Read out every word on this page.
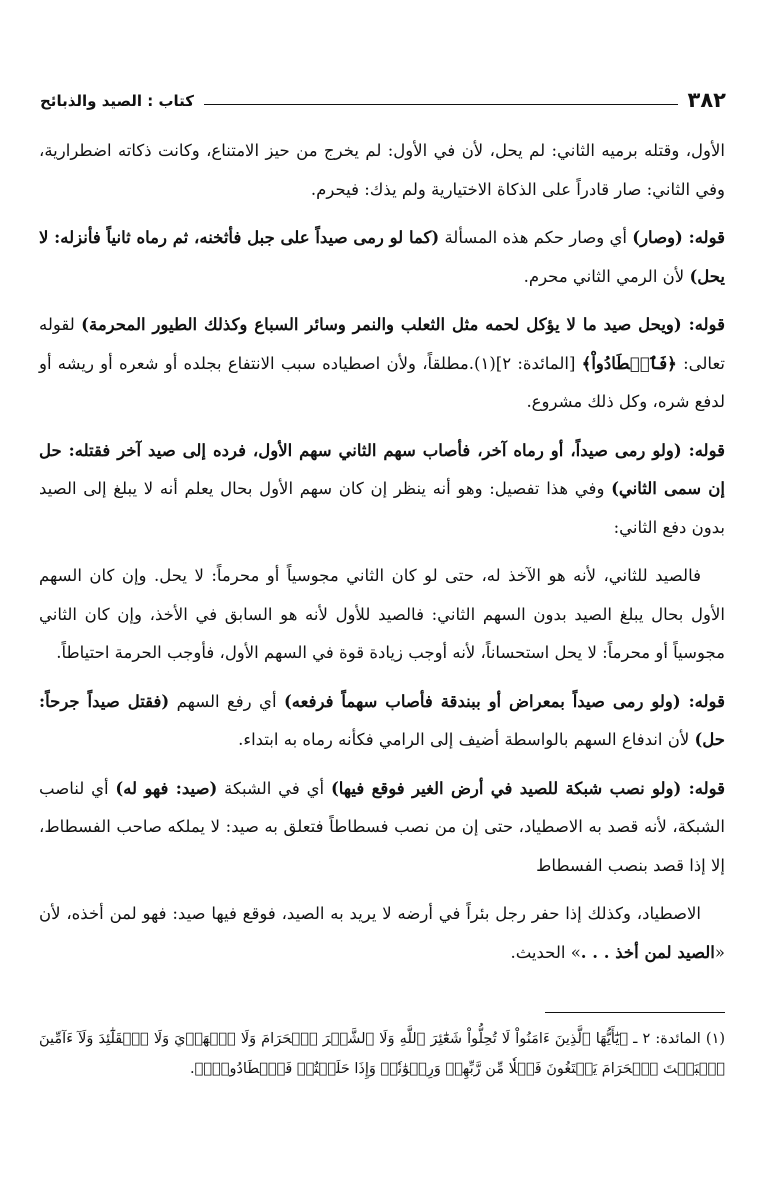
كتاب : الصيد والذبائح	٣٨٢

الأول، وقتله برميه الثاني: لم يحل، لأن في الأول: لم يخرج من حيز الامتناع، وكانت ذكاته اضطرارية، وفي الثاني: صار قادراً على الذكاة الاختيارية ولم يذك: فيحرم.

قوله: (وصار) أي وصار حكم هذه المسألة (كما لو رمى صيداً على جبل فأثخنه، ثم رماه ثانياً فأنزله: لا يحل) لأن الرمي الثاني محرم.

قوله: (ويحل صيد ما لا يؤكل لحمه مثل الثعلب والنمر وسائر السباع وكذلك الطيور المحرمة) لقوله تعالى: ﴿فَٱصۡطَادُواْ﴾ [المائدة: ٢](١).مطلقاً، ولأن اصطياده سبب الانتفاع بجلده أو شعره أو ريشه أو لدفع شره، وكل ذلك مشروع.

قوله: (ولو رمى صيداً، أو رماه آخر، فأصاب سهم الثاني سهم الأول، فرده إلى صيد آخر فقتله: حل إن سمى الثاني) وفي هذا تفصيل: وهو أنه ينظر إن كان سهم الأول بحال يعلم أنه لا يبلغ إلى الصيد بدون دفع الثاني:

فالصيد للثاني، لأنه هو الآخذ له، حتى لو كان الثاني مجوسياً أو محرماً: لا يحل. وإن كان السهم الأول بحال يبلغ الصيد بدون السهم الثاني: فالصيد للأول لأنه هو السابق في الأخذ، وإن كان الثاني مجوسياً أو محرماً: لا يحل استحساناً، لأنه أوجب زيادة قوة في السهم الأول، فأوجب الحرمة احتياطاً.

قوله: (ولو رمى صيداً بمعراض أو ببندقة فأصاب سهماً فرفعه) أي رفع السهم (فقتل صيداً جرحاً: حل) لأن اندفاع السهم بالواسطة أضيف إلى الرامي فكأنه رماه به ابتداء.

قوله: (ولو نصب شبكة للصيد في أرض الغير فوقع فيها) أي في الشبكة (صيد: فهو له) أي لناصب الشبكة، لأنه قصد به الاصطياد، حتى إن من نصب فسطاطاً فتعلق به صيد: لا يملكه صاحب الفسطاط، إلا إذا قصد بنصب الفسطاط

الاصطياد، وكذلك إذا حفر رجل بئراً في أرضه لا يريد به الصيد، فوقع فيها صيد: فهو لمن أخذه، لأن «الصيد لمن أخذ . . .» الحديث.

(١) المائدة: ٢ ـ ﴿يَٰٓأَيُّهَا ٱلَّذِينَ ءَامَنُواْ لَا تُحِلُّواْ شَعَٰٓئِرَ ٱللَّهِ وَلَا ٱلشَّهۡرَ ٱلۡحَرَامَ وَلَا ٱلۡهَدۡيَ وَلَا ٱلۡقَلَٰٓئِدَ وَلَآ ءَآمِّينَ ٱلۡبَيۡتَ ٱلۡحَرَامَ يَبۡتَغُونَ فَضۡلٗا مِّن رَّبِّهِمۡ وَرِضۡوَٰنٗاۚ وَإِذَا حَلَلۡتُمۡ فَٱصۡطَادُواْۚ﴾.
